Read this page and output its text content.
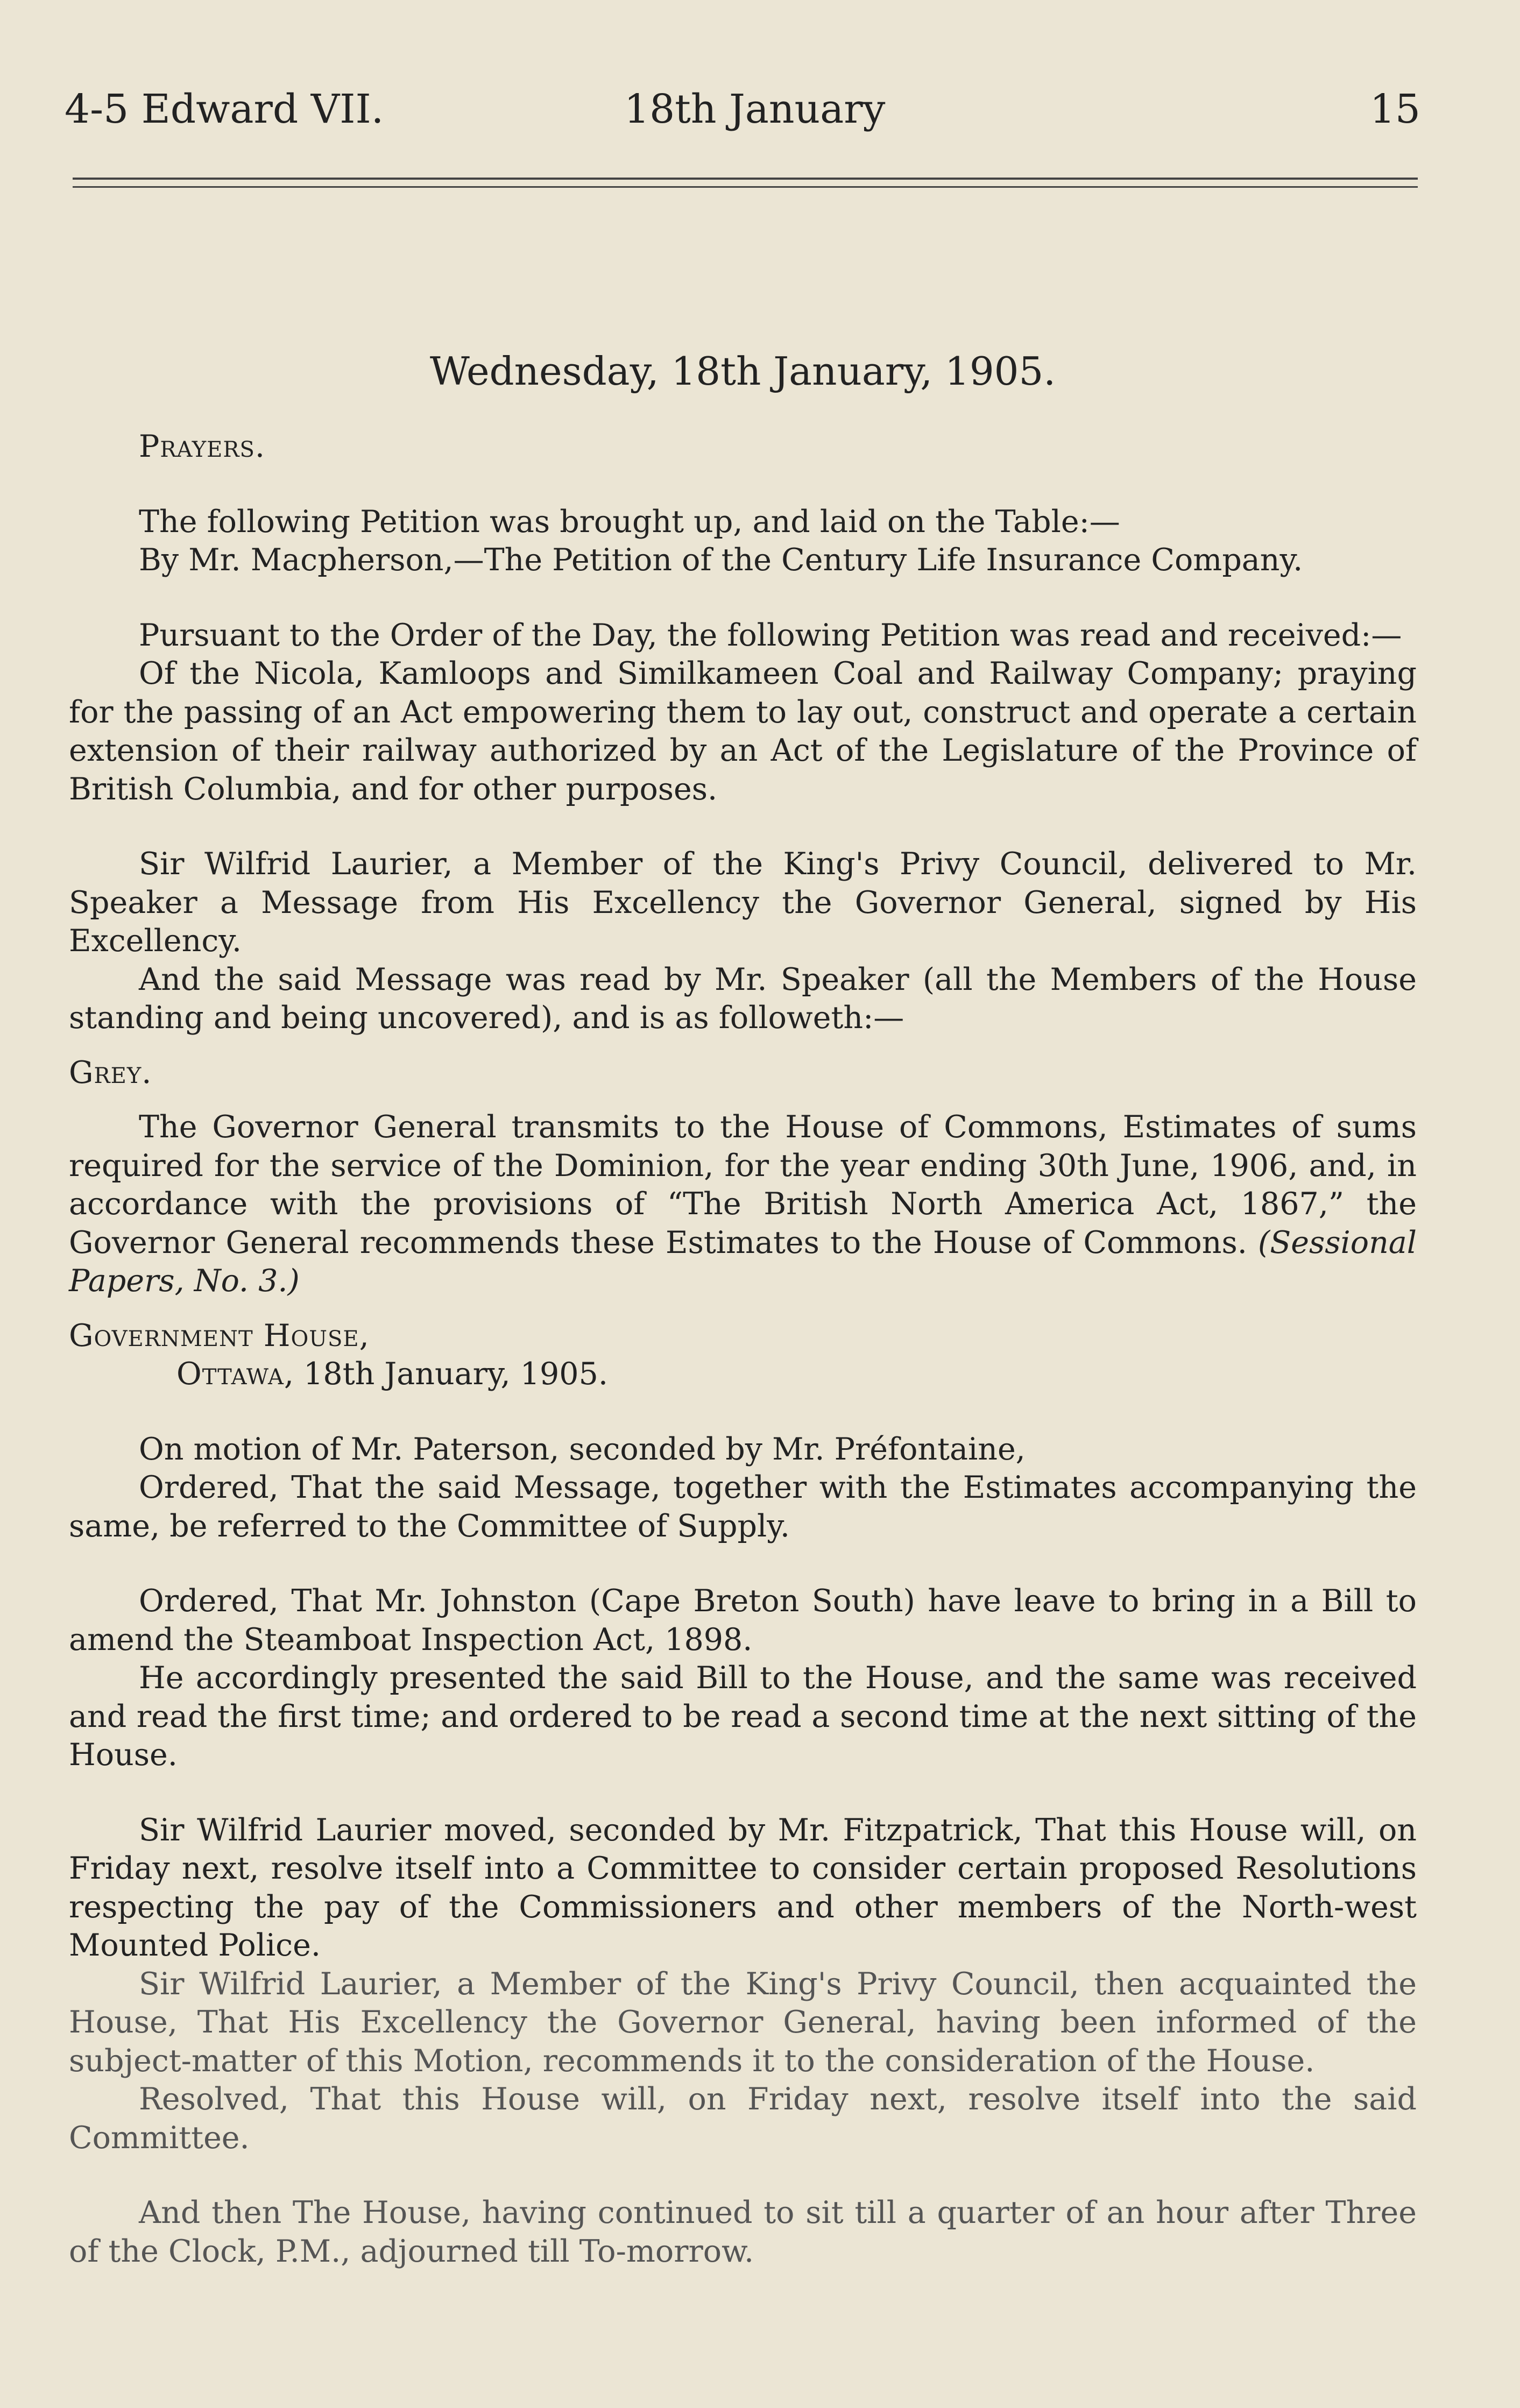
4-5 Edward VII.	18th January	15

Wednesday, 18th January, 1905.

Prayers.

The following Petition was brought up, and laid on the Table:—

By Mr. Macpherson,—The Petition of the Century Life Insurance Company.

Pursuant to the Order of the Day, the following Petition was read and received:—

Of the Nicola, Kamloops and Similkameen Coal and Railway Company; praying for the passing of an Act empowering them to lay out, construct and operate a certain extension of their railway authorized by an Act of the Legislature of the Province of British Columbia, and for other purposes.

Sir Wilfrid Laurier, a Member of the King's Privy Council, delivered to Mr. Speaker a Message from His Excellency the Governor General, signed by His Excellency.

And the said Message was read by Mr. Speaker (all the Members of the House standing and being uncovered), and is as followeth:—

Grey.

The Governor General transmits to the House of Commons, Estimates of sums required for the service of the Dominion, for the year ending 30th June, 1906, and, in accordance with the provisions of “The British North America Act, 1867,” the Governor General recommends these Estimates to the House of Commons. (Sessional Papers, No. 3.)

Government House,

Ottawa, 18th January, 1905.

On motion of Mr. Paterson, seconded by Mr. Préfontaine,

Ordered, That the said Message, together with the Estimates accompanying the same, be referred to the Committee of Supply.

Ordered, That Mr. Johnston (Cape Breton South) have leave to bring in a Bill to amend the Steamboat Inspection Act, 1898.

He accordingly presented the said Bill to the House, and the same was received and read the first time; and ordered to be read a second time at the next sitting of the House.

Sir Wilfrid Laurier moved, seconded by Mr. Fitzpatrick, That this House will, on Friday next, resolve itself into a Committee to consider certain proposed Resolutions respecting the pay of the Commissioners and other members of the North-west Mounted Police.

Sir Wilfrid Laurier, a Member of the King's Privy Council, then acquainted the House, That His Excellency the Governor General, having been informed of the subject-matter of this Motion, recommends it to the consideration of the House.

Resolved, That this House will, on Friday next, resolve itself into the said Committee.

And then The House, having continued to sit till a quarter of an hour after Three of the Clock, P.M., adjourned till To-morrow.
